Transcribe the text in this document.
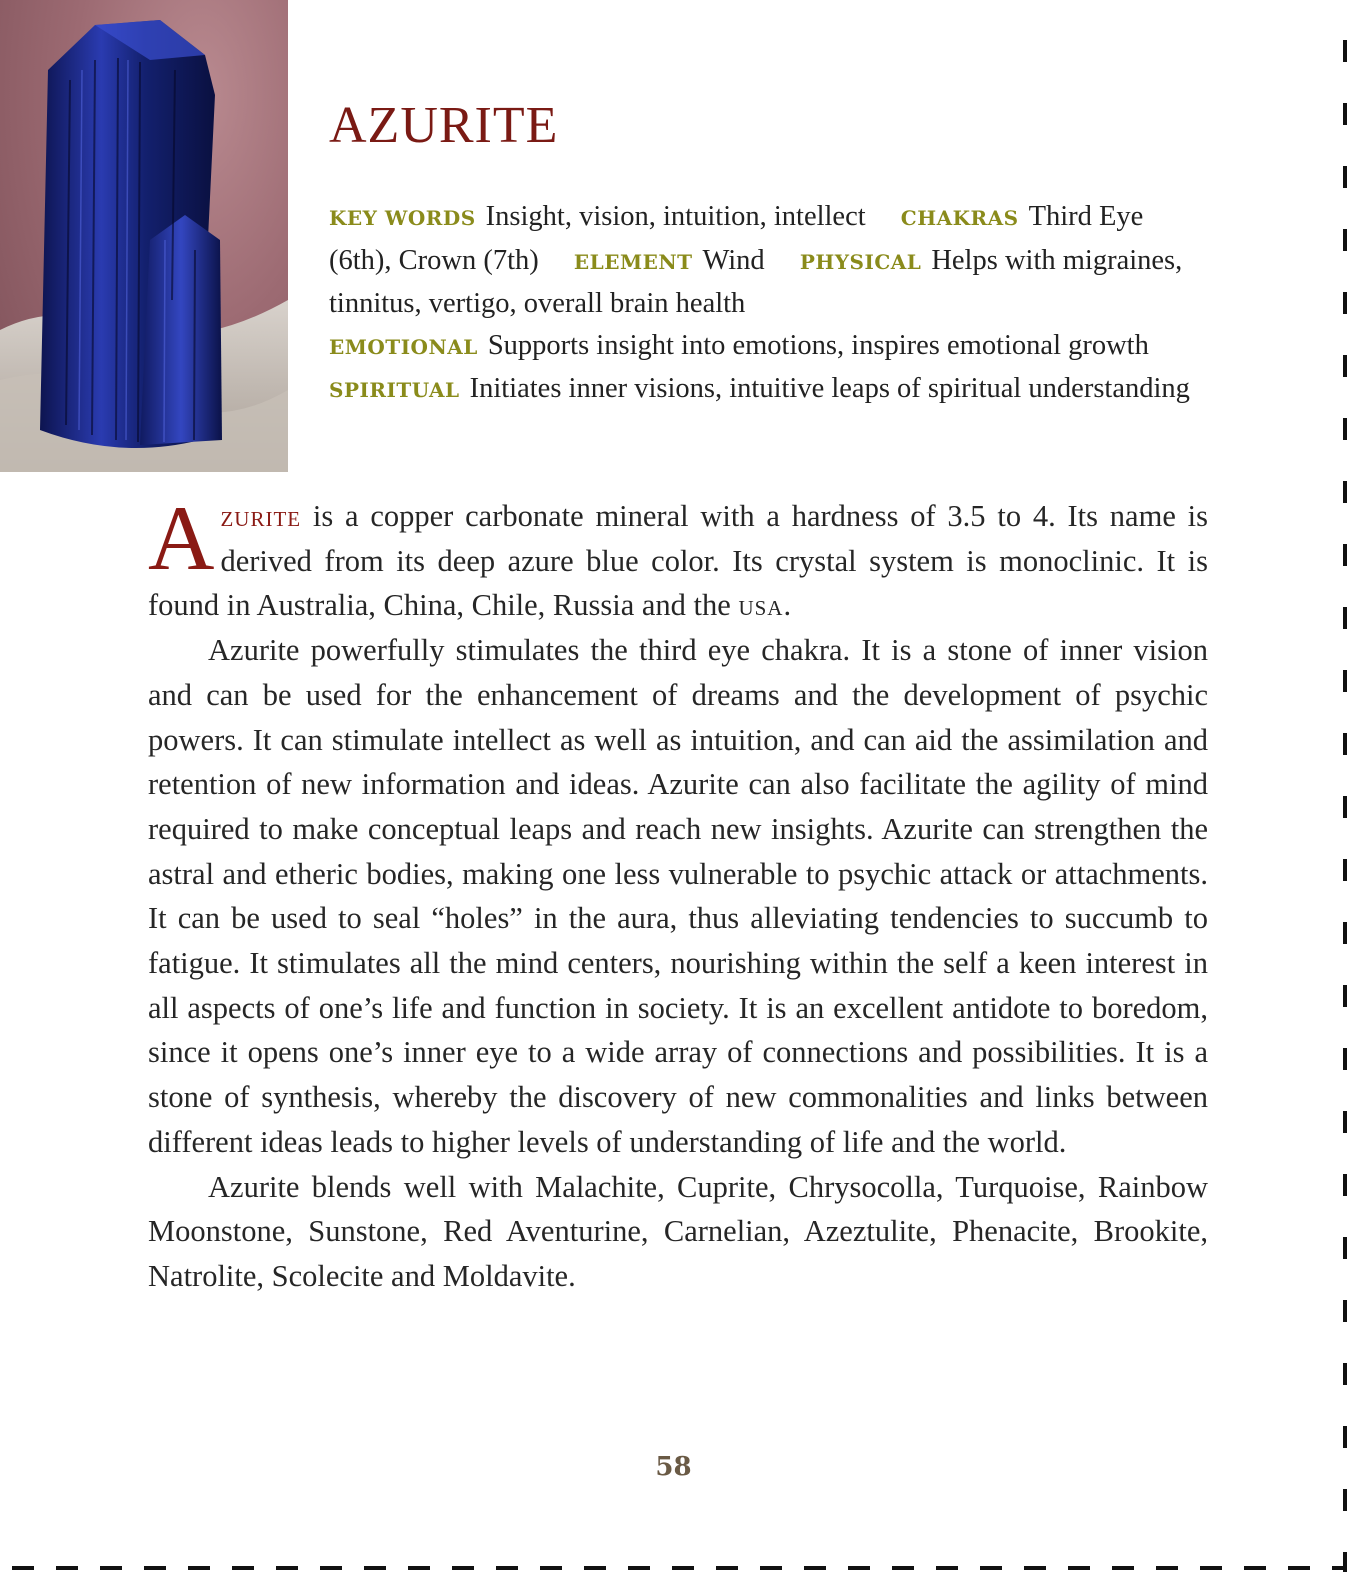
AZURITE
KEY WORDS Insight, vision, intuition, intellect CHAKRAS Third Eye (6th), Crown (7th) ELEMENT Wind PHYSICAL Helps with migraines, tinnitus, vertigo, overall brain health
EMOTIONAL Supports insight into emotions, inspires emotional growth SPIRITUAL Initiates inner visions, intuitive leaps of spiritual understanding

Azurite is a copper carbonate mineral with a hardness of 3.5 to 4. Its name is derived from its deep azure blue color. Its crystal system is monoclinic. It is found in Australia, China, Chile, Russia and the usa.

Azurite powerfully stimulates the third eye chakra. It is a stone of inner vision and can be used for the enhancement of dreams and the development of psychic powers. It can stimulate intellect as well as intuition, and can aid the assimilation and retention of new information and ideas. Azurite can also facilitate the agility of mind required to make conceptual leaps and reach new insights. Azurite can strengthen the astral and etheric bodies, making one less vulnerable to psychic attack or attachments. It can be used to seal “holes” in the aura, thus alleviating tendencies to succumb to fatigue. It stimulates all the mind centers, nourishing within the self a keen interest in all aspects of one’s life and function in society. It is an excellent antidote to boredom, since it opens one’s inner eye to a wide array of connections and possibilities. It is a stone of synthesis, whereby the discovery of new commonalities and links between different ideas leads to higher levels of understanding of life and the world.

Azurite blends well with Malachite, Cuprite, Chrysocolla, Turquoise, Rainbow Moonstone, Sunstone, Red Aventurine, Carnelian, Azeztulite, Phenacite, Brookite, Natrolite, Scolecite and Moldavite.

58
